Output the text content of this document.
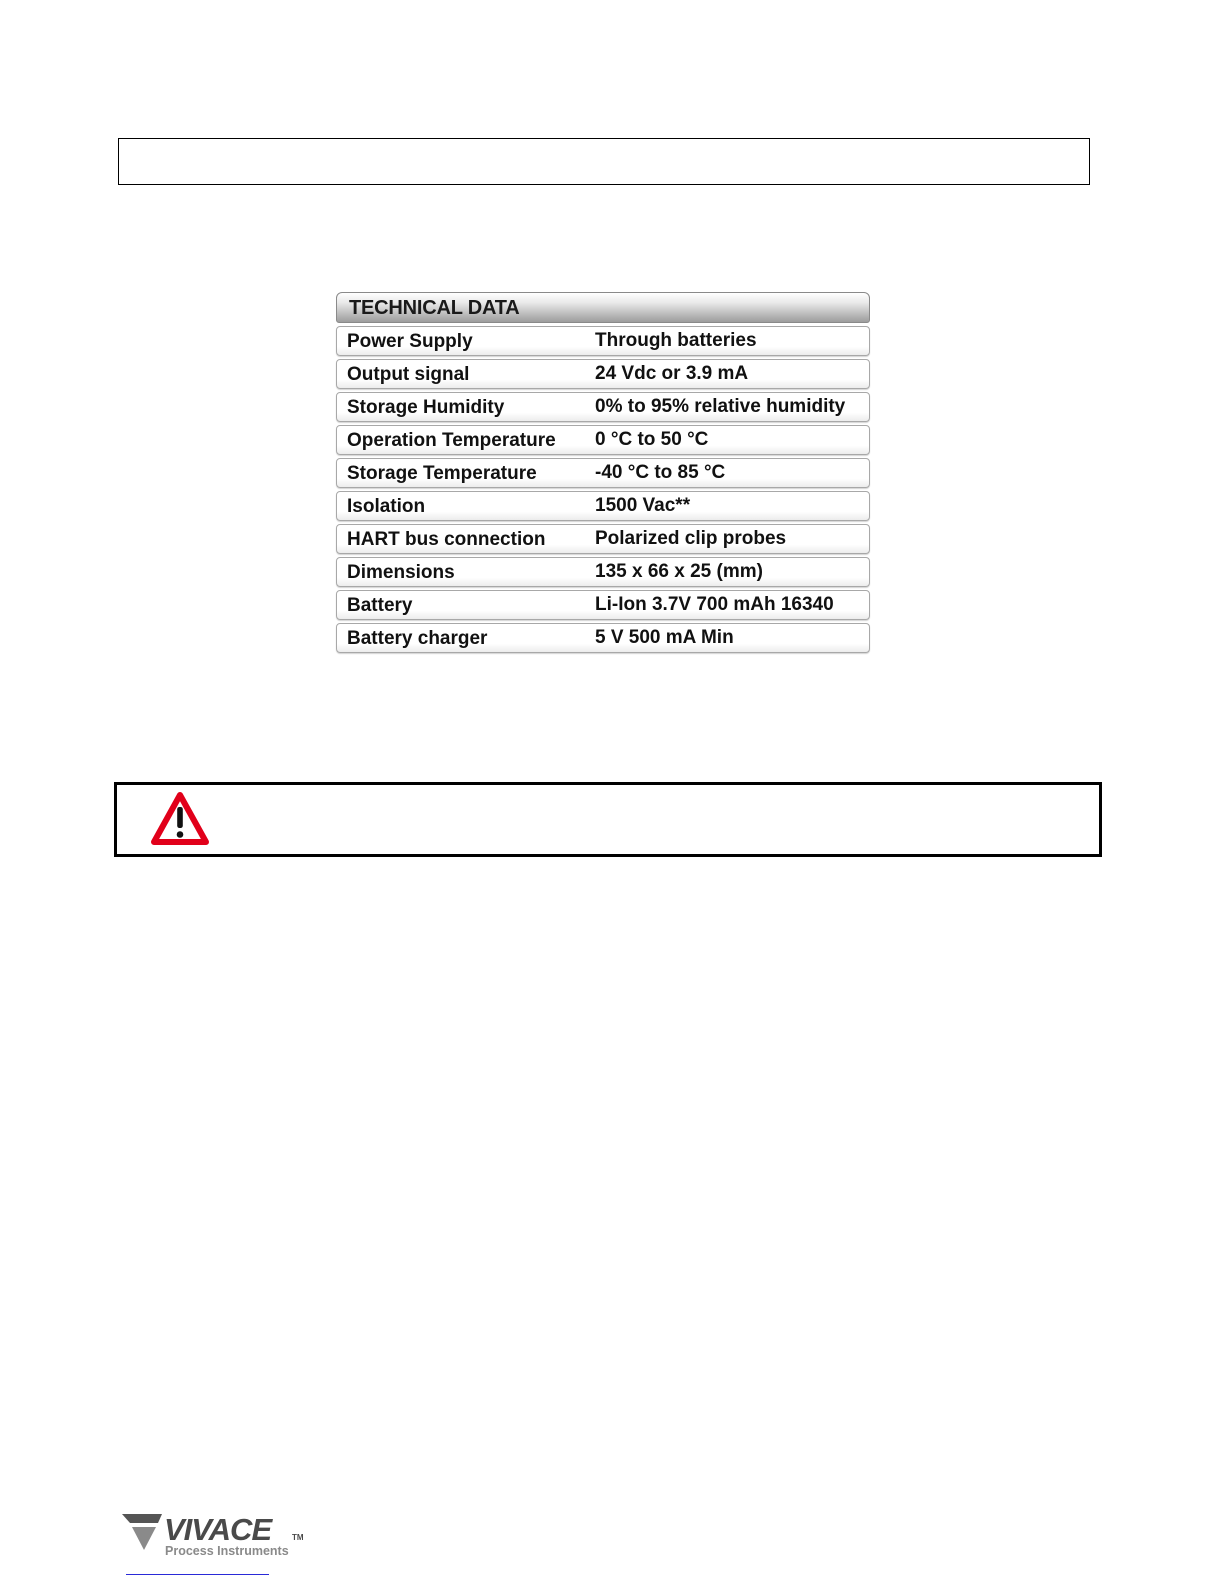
TECHNICAL DATA
Power Supply	Through batteries
Output signal	24 Vdc or 3.9 mA
Storage Humidity	0% to 95% relative humidity
Operation Temperature 0 °C to 50 °C
Storage Temperature	-40 °C to 85 °C
Isolation	1500 Vac**
HART bus connection	Polarized clip probes
Dimensions	135 x 66 x 25 (mm)
Battery	Li-Ion 3.7V 700 mAh 16340
Battery charger	5 V 500 mA Min
VIVACE	TM
Process Instruments
